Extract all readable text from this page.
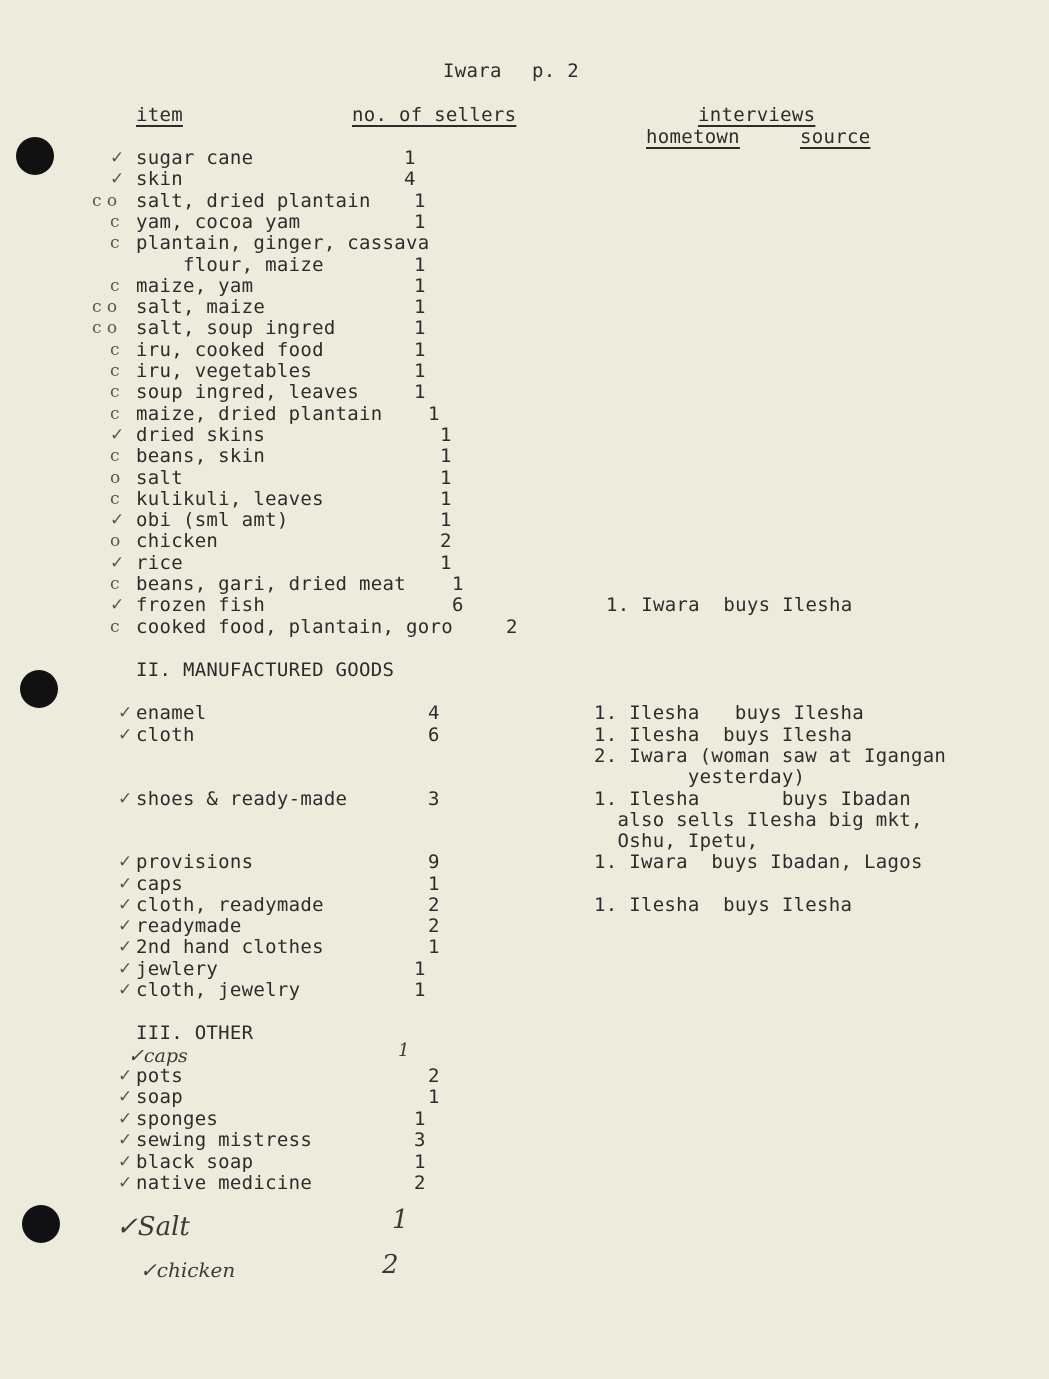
Iwara p. 2
item	no. of sellers	interviews
hometown	source
✓ sugar cane	1
✓ skin	4
c o salt, dried plantain 1
c yam, cocoa yam	1
c plantain, ginger, cassava
flour, maize	1
c maize, yam	1
c o salt, maize	1
c o salt, soup ingred	1
c iru, cooked food	1
c iru, vegetables	1
c soup ingred, leaves	1
c maize, dried plantain 1
✓ dried skins	1
c beans, skin	1
o salt	1
c kulikuli, leaves	1
✓ obi (sml amt)	1
o chicken	2
✓ rice	1
c beans, gari, dried meat 1
✓ frozen fish	6	1. Iwara  buys Ilesha
c cooked food, plantain, goro	2
✓ enamel	4	1. Ilesha   buys Ilesha
✓ cloth	6	1. Ilesha  buys Ilesha
2. Iwara (woman saw at Igangan
yesterday)
✓ shoes & ready-made	3	1. Ilesha       buys Ibadan
also sells Ilesha big mkt,
Oshu, Ipetu,
✓ provisions	9	1. Iwara  buys Ibadan, Lagos
✓ caps	1
✓ cloth, readymade	2	1. Ilesha  buys Ilesha
✓ readymade	2
✓ 2nd hand clothes	1
✓ jewlery	1
✓ cloth, jewelry	1
✓ pots	2
✓ soap	1
✓ sponges	1
✓ sewing mistress	3
✓ black soap	1
✓ native medicine	2
II. MANUFACTURED GOODS
III. OTHER
✓caps	1
✓Salt	1
✓chicken	2
